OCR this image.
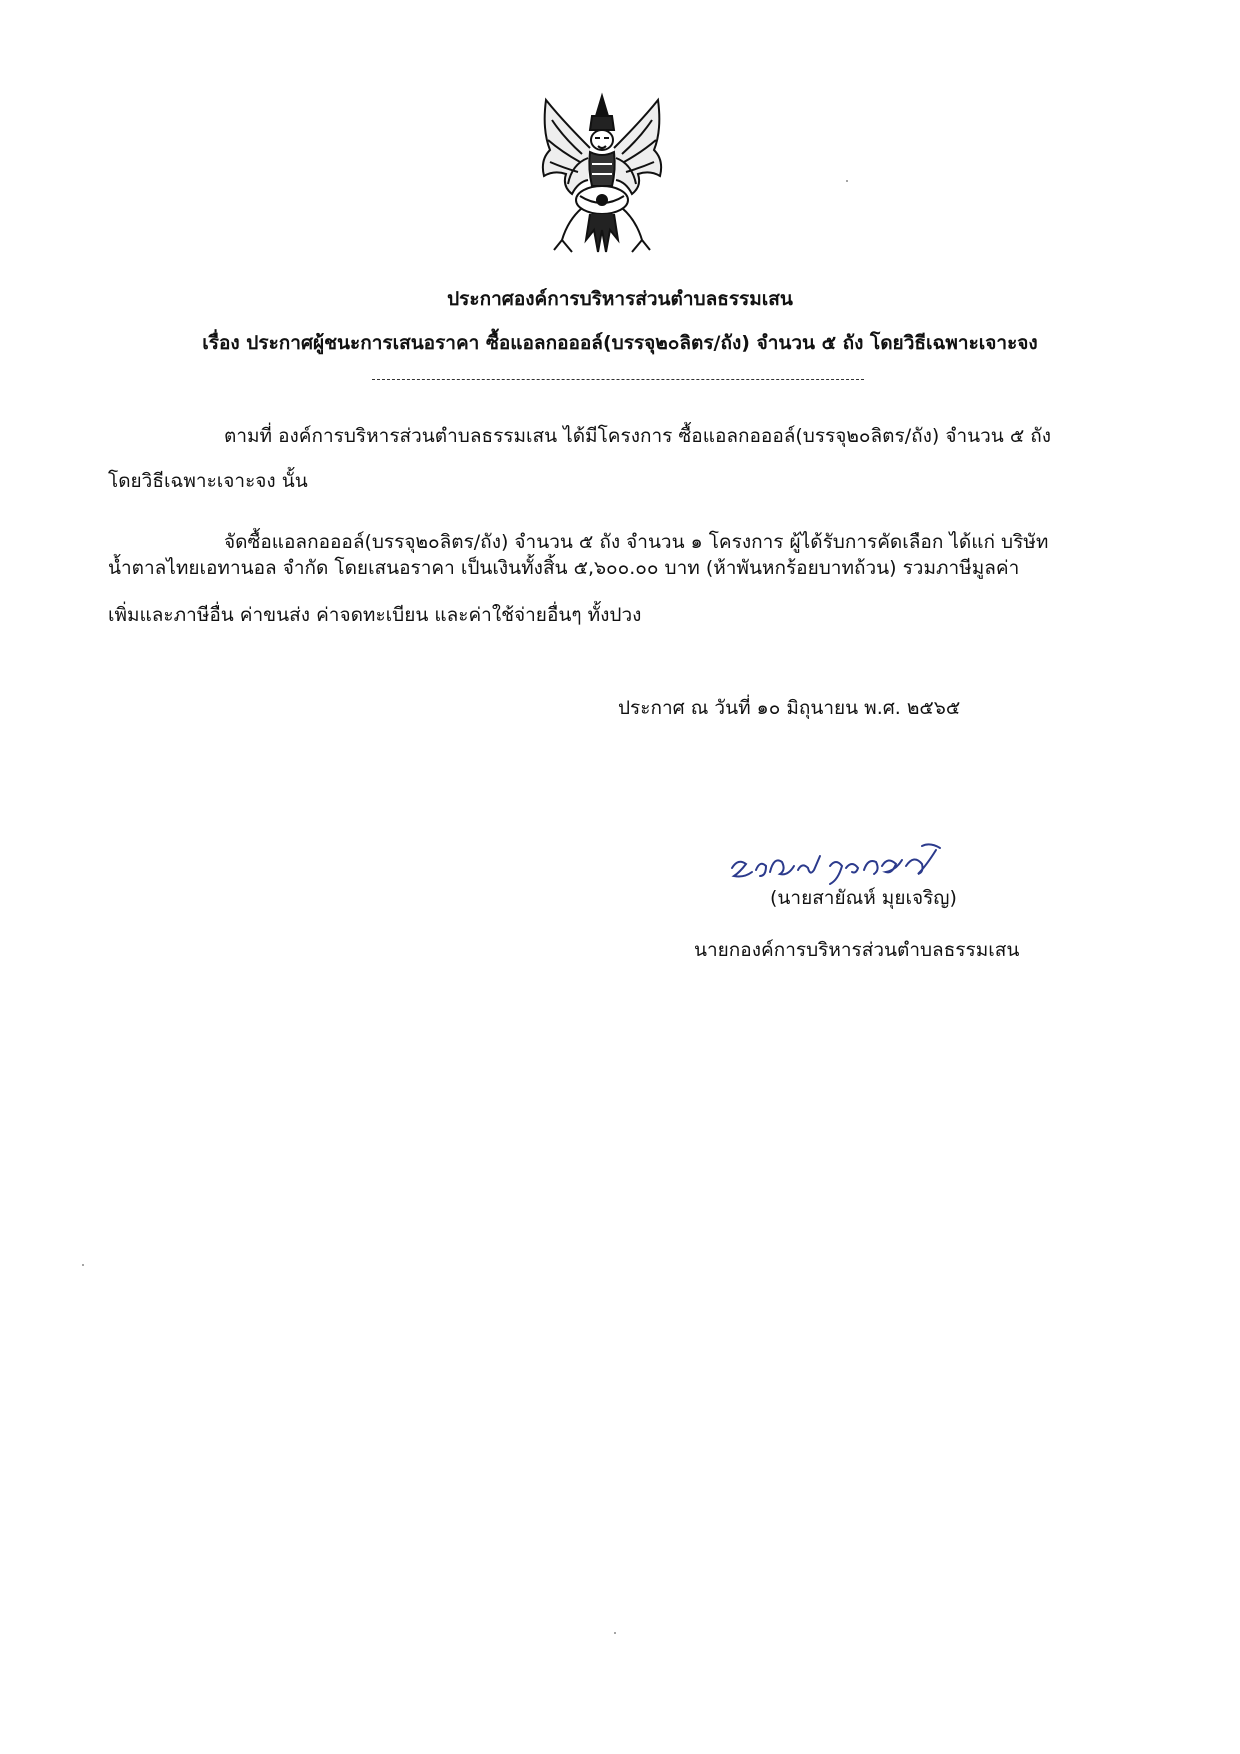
ประกาศองค์การบริหารส่วนตำบลธรรมเสน
เรื่อง ประกาศผู้ชนะการเสนอราคา ซื้อแอลกอออล์(บรรจุ๒๐ลิตร/ถัง) จำนวน ๕ ถัง โดยวิธีเฉพาะเจาะจง
ตามที่ องค์การบริหารส่วนตำบลธรรมเสน ได้มีโครงการ ซื้อแอลกอออล์(บรรจุ๒๐ลิตร/ถัง) จำนวน ๕ ถัง
โดยวิธีเฉพาะเจาะจง นั้น
จัดซื้อแอลกอออล์(บรรจุ๒๐ลิตร/ถัง) จำนวน ๕ ถัง จำนวน ๑ โครงการ ผู้ได้รับการคัดเลือก ได้แก่ บริษัท
น้ำตาลไทยเอทานอล จำกัด โดยเสนอราคา เป็นเงินทั้งสิ้น ๕,๖๐๐.๐๐ บาท (ห้าพันหกร้อยบาทถ้วน) รวมภาษีมูลค่า
เพิ่มและภาษีอื่น ค่าขนส่ง ค่าจดทะเบียน และค่าใช้จ่ายอื่นๆ ทั้งปวง
ประกาศ ณ วันที่ ๑๐ มิถุนายน พ.ศ. ๒๕๖๕
(นายสายัณห์ มุยเจริญ)
นายกองค์การบริหารส่วนตำบลธรรมเสน
